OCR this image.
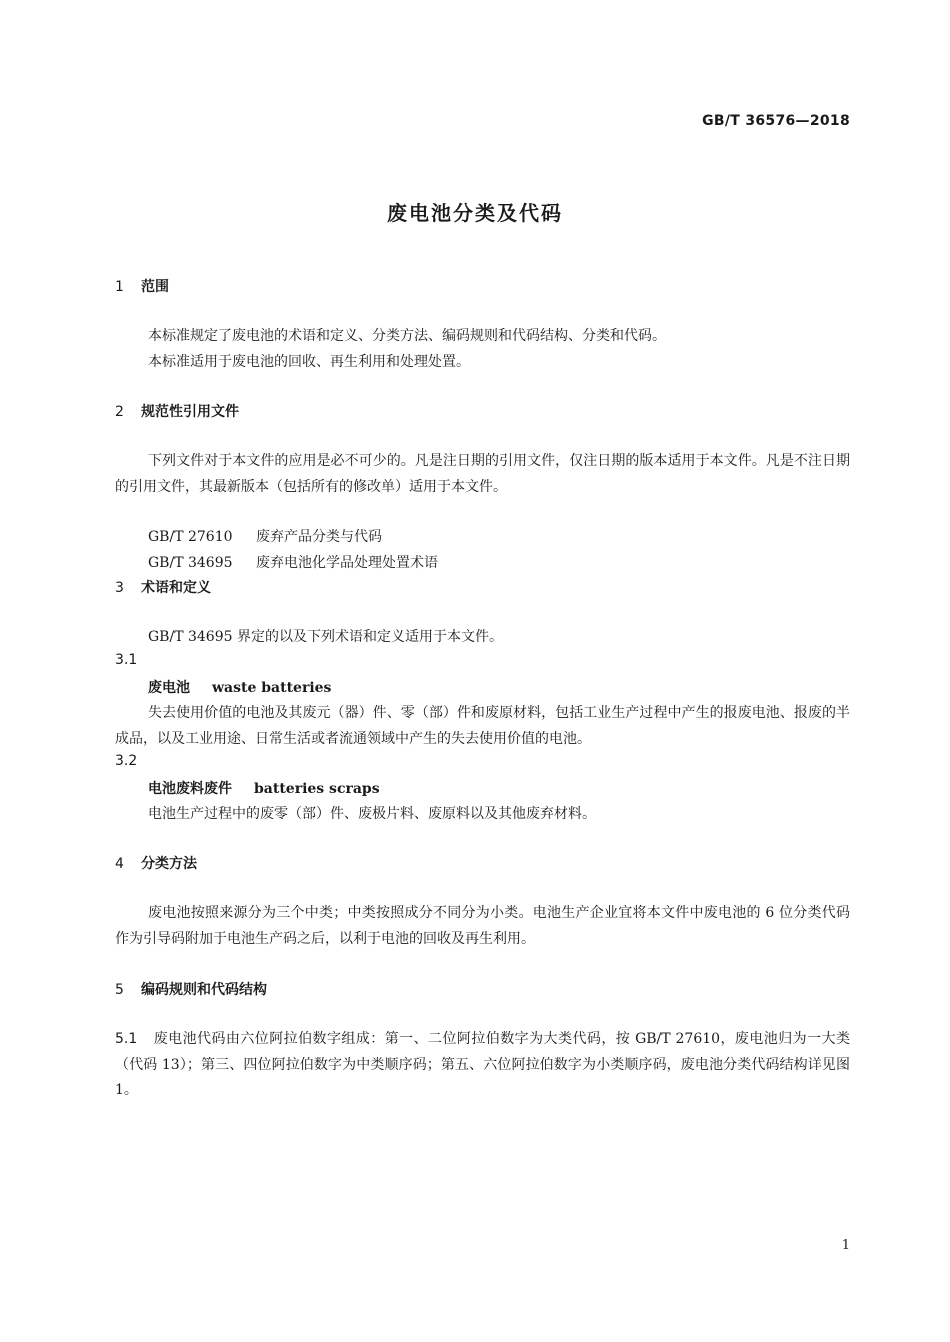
GB/T 36576—2018
废电池分类及代码
1 范围
本标准规定了废电池的术语和定义、分类方法、编码规则和代码结构、分类和代码。
本标准适用于废电池的回收、再生利用和处理处置。
2 规范性引用文件
下列文件对于本文件的应用是必不可少的。凡是注日期的引用文件，仅注日期的版本适用于本文件。凡是不注日期的引用文件，其最新版本（包括所有的修改单）适用于本文件。
GB/T 27610 废弃产品分类与代码
GB/T 34695 废弃电池化学品处理处置术语
3 术语和定义
GB/T 34695 界定的以及下列术语和定义适用于本文件。
3.1
废电池 waste batteries
失去使用价值的电池及其废元（器）件、零（部）件和废原材料，包括工业生产过程中产生的报废电池、报废的半成品，以及工业用途、日常生活或者流通领域中产生的失去使用价值的电池。
3.2
电池废料废件 batteries scraps
电池生产过程中的废零（部）件、废极片料、废原料以及其他废弃材料。
4 分类方法
废电池按照来源分为三个中类；中类按照成分不同分为小类。电池生产企业宜将本文件中废电池的 6 位分类代码作为引导码附加于电池生产码之后，以利于电池的回收及再生利用。
5 编码规则和代码结构
5.1 废电池代码由六位阿拉伯数字组成：第一、二位阿拉伯数字为大类代码，按 GB/T 27610，废电池归为一大类（代码 13）；第三、四位阿拉伯数字为中类顺序码；第五、六位阿拉伯数字为小类顺序码，废电池分类代码结构详见图 1。
1
